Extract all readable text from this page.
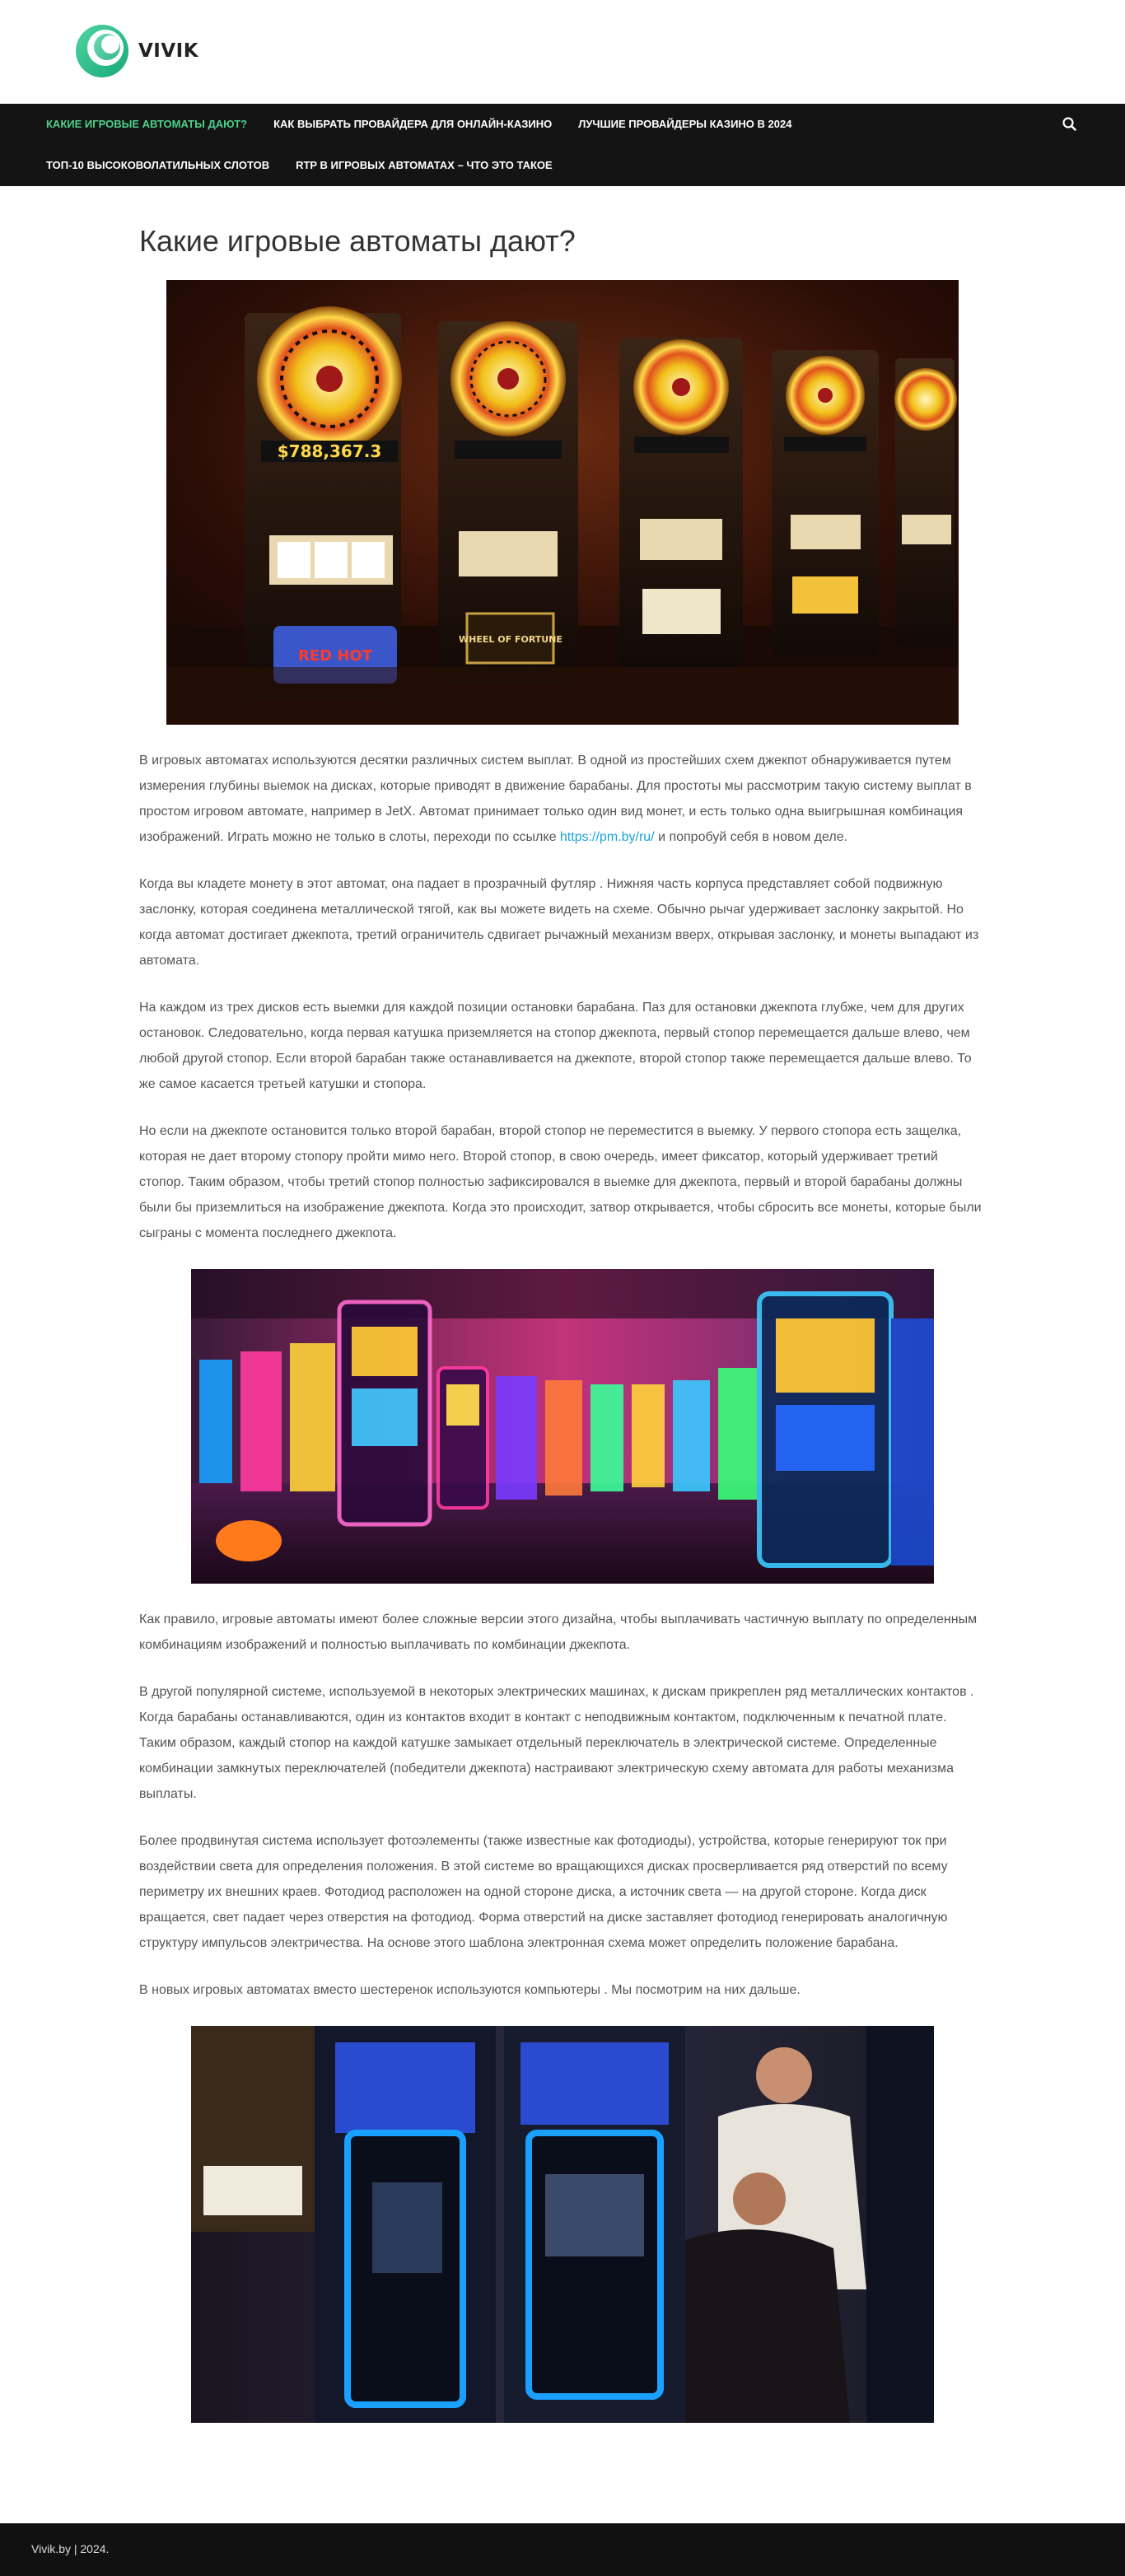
VIVIK
КАКИЕ ИГРОВЫЕ АВТОМАТЫ ДАЮТ? КАК ВЫБРАТЬ ПРОВАЙДЕРА ДЛЯ ОНЛАЙН-КАЗИНО ЛУЧШИЕ ПРОВАЙДЕРЫ КАЗИНО В 2024
ТОП-10 ВЫСОКОВОЛАТИЛЬНЫХ СЛОТОВ RTP В ИГРОВЫХ АВТОМАТАХ – ЧТО ЭТО ТАКОЕ
Какие игровые автоматы дают?
$788,367.3
RED HOT
WHEEL OF FORTUNE

В игровых автоматах используются десятки различных систем выплат. В одной из простейших схем джекпот обнаруживается путем измерения глубины выемок на дисках, которые приводят в движение барабаны. Для простоты мы рассмотрим такую систему выплат в простом игровом автомате, например в JetX. Автомат принимает только один вид монет, и есть только одна выигрышная комбинация изображений. Играть можно не только в слоты, переходи по ссылке https://pm.by/ru/ и попробуй себя в новом деле.

Когда вы кладете монету в этот автомат, она падает в прозрачный футляр . Нижняя часть корпуса представляет собой подвижную заслонку, которая соединена металлической тягой, как вы можете видеть на схеме. Обычно рычаг удерживает заслонку закрытой. Но когда автомат достигает джекпота, третий ограничитель сдвигает рычажный механизм вверх, открывая заслонку, и монеты выпадают из автомата.

На каждом из трех дисков есть выемки для каждой позиции остановки барабана. Паз для остановки джекпота глубже, чем для других остановок. Следовательно, когда первая катушка приземляется на стопор джекпота, первый стопор перемещается дальше влево, чем любой другой стопор. Если второй барабан также останавливается на джекпоте, второй стопор также перемещается дальше влево. То же самое касается третьей катушки и стопора.

Но если на джекпоте остановится только второй барабан, второй стопор не переместится в выемку. У первого стопора есть защелка, которая не дает второму стопору пройти мимо него. Второй стопор, в свою очередь, имеет фиксатор, который удерживает третий стопор. Таким образом, чтобы третий стопор полностью зафиксировался в выемке для джекпота, первый и второй барабаны должны были бы приземлиться на изображение джекпота. Когда это происходит, затвор открывается, чтобы сбросить все монеты, которые были сыграны с момента последнего джекпота.

Как правило, игровые автоматы имеют более сложные версии этого дизайна, чтобы выплачивать частичную выплату по определенным комбинациям изображений и полностью выплачивать по комбинации джекпота.

В другой популярной системе, используемой в некоторых электрических машинах, к дискам прикреплен ряд металлических контактов . Когда барабаны останавливаются, один из контактов входит в контакт с неподвижным контактом, подключенным к печатной плате. Таким образом, каждый стопор на каждой катушке замыкает отдельный переключатель в электрической системе. Определенные комбинации замкнутых переключателей (победители джекпота) настраивают электрическую схему автомата для работы механизма выплаты.

Более продвинутая система использует фотоэлементы (также известные как фотодиоды), устройства, которые генерируют ток при воздействии света для определения положения. В этой системе во вращающихся дисках просверливается ряд отверстий по всему периметру их внешних краев. Фотодиод расположен на одной стороне диска, а источник света — на другой стороне. Когда диск вращается, свет падает через отверстия на фотодиод. Форма отверстий на диске заставляет фотодиод генерировать аналогичную структуру импульсов электричества. На основе этого шаблона электронная схема может определить положение барабана.

В новых игровых автоматах вместо шестеренок используются компьютеры . Мы посмотрим на них дальше.

Vivik.by | 2024.
